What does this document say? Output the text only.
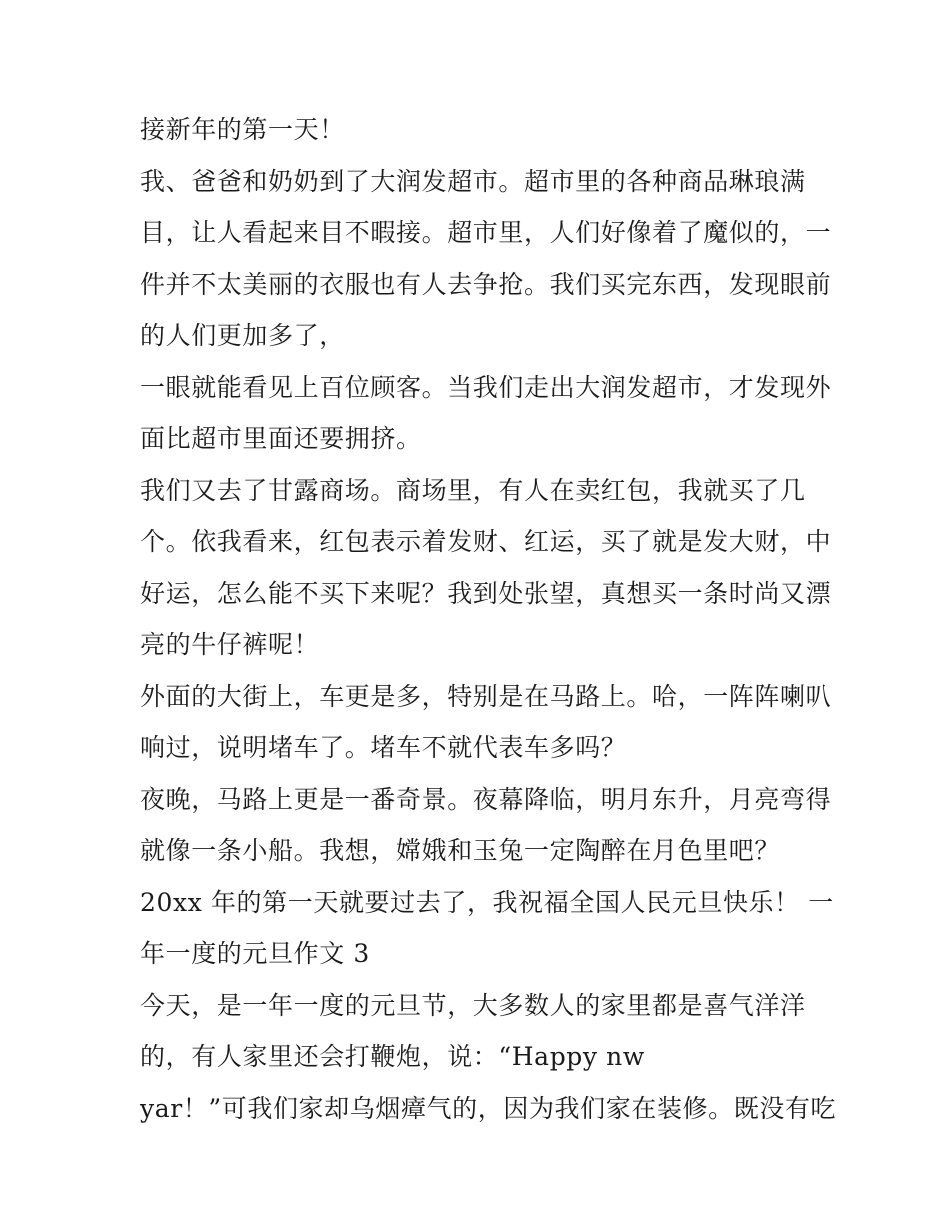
接新年的第一天！
我、爸爸和奶奶到了大润发超市。超市里的各种商品琳琅满
目，让人看起来目不暇接。超市里，人们好像着了魔似的，一
件并不太美丽的衣服也有人去争抢。我们买完东西，发现眼前
的人们更加多了，
一眼就能看见上百位顾客。当我们走出大润发超市，才发现外
面比超市里面还要拥挤。
我们又去了甘露商场。商场里，有人在卖红包，我就买了几
个。依我看来，红包表示着发财、红运，买了就是发大财，中
好运，怎么能不买下来呢？我到处张望，真想买一条时尚又漂
亮的牛仔裤呢！
外面的大街上，车更是多，特别是在马路上。哈，一阵阵喇叭
响过，说明堵车了。堵车不就代表车多吗？
夜晚，马路上更是一番奇景。夜幕降临，明月东升，月亮弯得
就像一条小船。我想，嫦娥和玉兔一定陶醉在月色里吧？
20xx 年的第一天就要过去了，我祝福全国人民元旦快乐！ 一
年一度的元旦作文 3
今天，是一年一度的元旦节，大多数人的家里都是喜气洋洋
的，有人家里还会打鞭炮，说：“Happy nw
yar！”可我们家却乌烟瘴气的，因为我们家在装修。既没有吃
